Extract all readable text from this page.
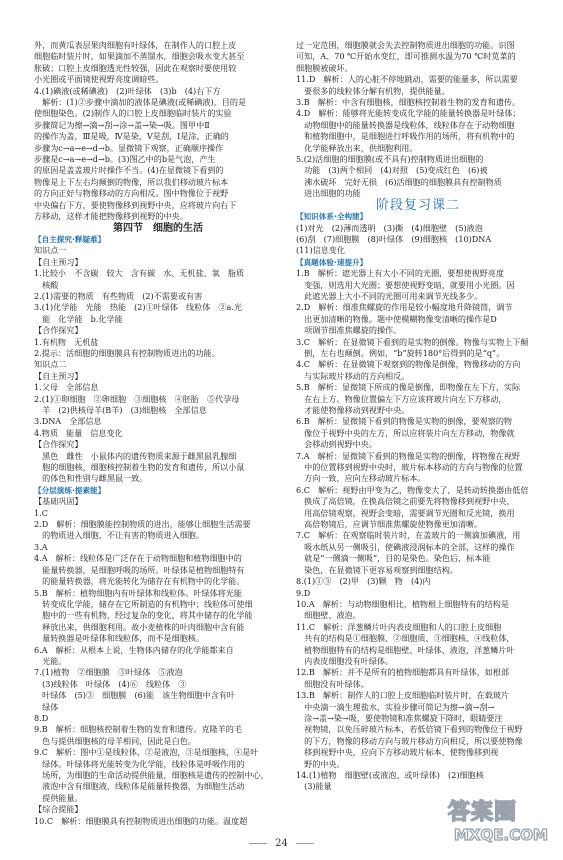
外，而黄瓜表层果肉细胞有叶绿体，在制作人的口腔上皮

细胞临时装片时，如果滴加不蒸馏水，细胞会吸水变大甚至

胀破；口腔上皮细胞透光性较强，因此在观察时要使用较

小光圈或平面镜使视野亮度调暗些。

4.(1)碘液(或稀碘液)　(2)叶绿体　(3)b　(4)右下方

　解析：(1)②步骤中滴加的液体是碘液(或稀碘液)，目的是

使细胞染色。(2)制作人的口腔上皮细胞临时装片的实验

步骤简记为擦→滴→刮→涂→盖→染→吸。图甲中Ⅱ

的操作为盖，Ⅲ是吸，Ⅳ是染，Ⅴ是刮，Ⅰ是涂，正确的

步骤为c→a→e→d→b。显微镜下观察，正确顺序操作

步骤是c→a→e→d→b。(3)图乙中的b是气泡，产生

的原因是盖盖玻片时操作不当。(4)在显微镜下看到的

物像是上下左右均颠倒的物像，所以我们移动玻片标本

的方向正好与物像移动的方向相反。图中物像位于视野

中央偏右下方，要使物像移到视野中央，应将玻片向右下

方移动，这样才能把物像移到视野的中央。

第四节　细胞的生活

【自主探究·释疑难】

知识点一

【自主预习】

1.比较小　不含碳　较大　含有碳　水、无机盐、氧　脂质

　核酸

2.(1)需要的物质　有些物质　(2)不需要或有害

3.(1)化学能　光能　热能　(2)①叶绿体　线粒体　②a.光

　能　化学能　b.化学能

【合作探究】

1.有机物　无机盐

2.提示：活细胞的细胞膜具有控制物质进出的功能。

知识点二

【自主预习】

1.父母　全部信息

2.(1)①卵细胞　②卵细胞　③细胞核　④胚胎　⑤代孕母

　羊　(2)供核母羊(B羊)　(3)细胞核　全部信息

3.DNA　全部信息

4.物质　能量　信息变化

【合作探究】

　黑色　雌性　小鼠体内的遗传物质来源于雌黑鼠乳腺细

　胞的细胞核，细胞核控制着生物的发育和遗传，所以小鼠

　的体色和性别与雌黑鼠一致。

【分层演练·提素能】

【基础巩固】

1.C

2.D　解析：细胞膜能控制物质的进出，能够让细胞生活需要

　的物质进入细胞，不让有害的物质进入细胞。

3.A

4.A　解析：线粒体是广泛存在于动物细胞和植物细胞中的

　能量转换器，是细胞呼吸的场所。叶绿体是植物细胞特有

　的能量转换器，将光能转化为储存在有机物中的化学能。

5.B　解析：植物细胞内有叶绿体和线粒体。叶绿体将光能

　转变成化学能，储存在它所制造的有机物中；线粒体可使细

　胞中的一些有机物，经过复杂的变化，将其中储存的化学能

　释放出来，供细胞利用。故小麦植株的叶肉细胞中含有能

　量转换器是叶绿体和线粒体，而不是细胞核。

6.A　解析：从根本上说，生物体内储存的化学能都来自

　光能。

7.(1)植物　②细胞膜　③叶绿体　⑤液泡

　(3)线粒体　叶绿体　(4)⑥　线粒体　③

　叶绿体　(5)③　细胞膜　(6)能　该生物细胞中含有叶

　绿体

8.D

9.B　解析：细胞核控制着生物的发育和遗传。克隆羊的毛

　色与提供细胞核的母羊相同，因此是白色。

9.C　解析：图中①是线粒体，②是液泡，③是细胞核，④是叶

　绿体。叶绿体将光能转变为化学能，线粒体是呼吸作用的

　场所，为细胞的生命活动提供能量，细胞核是遗传的控制中心，

　液泡中含有细胞液，线粒体是能量转换器，为细胞生活动

　提供能量。

【综合提能】

10.C　解析：细胞膜具有控制物质进出细胞的功能。温度超

过一定范围，细胞膜就会失去控制物质进出细胞的功能。识图

可知，A、70 ℃开始水变红，即可推测水温为70 ℃时苋菜的

细胞膜被破坏。

11.D　解析：人的心脏不停地跳动，需要的能量多，所以需要

　要很多的线粒体分解有机物，提供能量。

3.B　解析：中含有细胞核，细胞核控制着生物的发育和遗传。

4.D　解析：能够将光能转变成化学能的能量转换器是叶绿体；

　动物细胞中的能量转换器是线粒体，线粒体存在于动物细胞

　和植物细胞中，是细胞进行呼吸作用的场所，将有机物中的

　化学能释放出来，供细胞利用。

5.(2)活细胞的细胞膜(或不具有)控制物质进出细胞的

　功能　(3)两个相同　(4)对照　(5)变成红色　(6)被

　沸水破坏　完好无损　(6)活细胞的细胞膜具有控制物质

　进出细胞的功能

阶段复习课二

【知识体系·全构建】

(1)对光　(2)薄而透明　(3)撕　(4)细胞壁　(5)液泡

(6)刮　(7)细胞膜　(8)叶绿体　(9)细胞核　(10)DNA

(11)信息变化

【真题体验·速提升】

1.B　解析：遮光器上有大小不同的光圈，要想使视野亮度

　变强，则选用大光圈；要想使视野变暗，就要用小光圈。因

　此遮光器上大小不同的光圈可用来调节光线多少。

2.D　解析：细准焦螺旋的作用是较小幅度地升降镜筒，调节

　出更加清晰的物像。题中使模糊物像变清晰的操作是D

　项调节细准焦螺旋的操作。

3.C　解析：在显微镜下看到的是实物的倒像。物像与实物上下颠

　倒，左右也颠倒。例如，“b”旋转180°后得到的是“q”。

4.C　解析：在显微镜下观察到的物像是倒像，物像移动的方向

　与实际玻片移动的方向相反。

5.B　解析：显微镜下所成的像是倒像，即物像在左下方，实际

　在右上方。物像位置偏左下方应该将玻片向左下方移动，

　才能使物像移动到视野中央。

6.B　解析：显微镜下看到的物像是实物的倒像，要观察的物

　像位于视野中央的左方，所以应将装片向左方移动，物像就

　会移动到视野中央。

7.A　解析：显微镜下看到的物像是实物的倒像，将物像在视野

　中的位置移到视野中央时，玻片标本移动的方向与物像的位置

　方向一致，应向左移动玻片标本。

6.C　解析：视野由甲变为乙，物像变大了，是转动转换器由低倍

　换成了高倍镜，在换高倍镜之前要先将物像移到视野中央，

　用高倍镜观察，视野会变暗，需要调节光圈和反光镜，换用

　高倍物镜后，应调节细准焦螺旋使物像更加清晰。

7.C　解析：在观察临时装片时，在盖玻片的一侧滴加碘液，用

　吸水纸从另一侧吸引，使碘液浸润标本的全部，这样的操作

　就是“一侧滴一侧吸”，目的是染色。染色后，标本能

　染色，在显微镜下更容易观察到细胞结构。

8.(1)①③　(2)甲　(3)颗　物　(4)内

9.D

10.A　解析：与动物细胞相比，植物根上细胞特有的结构是

　细胞壁、液泡。

11.C　解析：洋葱鳞片叶内表皮细胞和人的口腔上皮细胞

　共有的结构是①细胞膜、②细胞质、③细胞核、④线粒体，

　植物细胞特有的结构是细胞壁、叶绿体、液泡，洋葱鳞片叶

　内表皮细胞没有叶绿体。

12.B　解析：并不是所有的植物细胞都具有叶绿体，如根部

　细胞没有叶绿体。

13.B　解析：制作人的口腔上皮细胞临时装片时，在载玻片

　中央滴一滴生理盐水，实验步骤可简记为擦→滴→刮→

　涂→盖→染→吸，要使物镜和准焦螺旋下降时，眼睛要注

　视物镜，以免压碎玻片标本，若低倍镜下看到的物像位于视野

　的下方，物像的移动方向与玻片移动方向相反，所以要使物像

　移到视野中央，应向下方移动玻片标本，使物像移到视

　野的中央。

14.(1)植物　细胞壁(或液泡、或叶绿体)　(2)细胞核

　(3)能量

24
答案圈
MXQE.COM
